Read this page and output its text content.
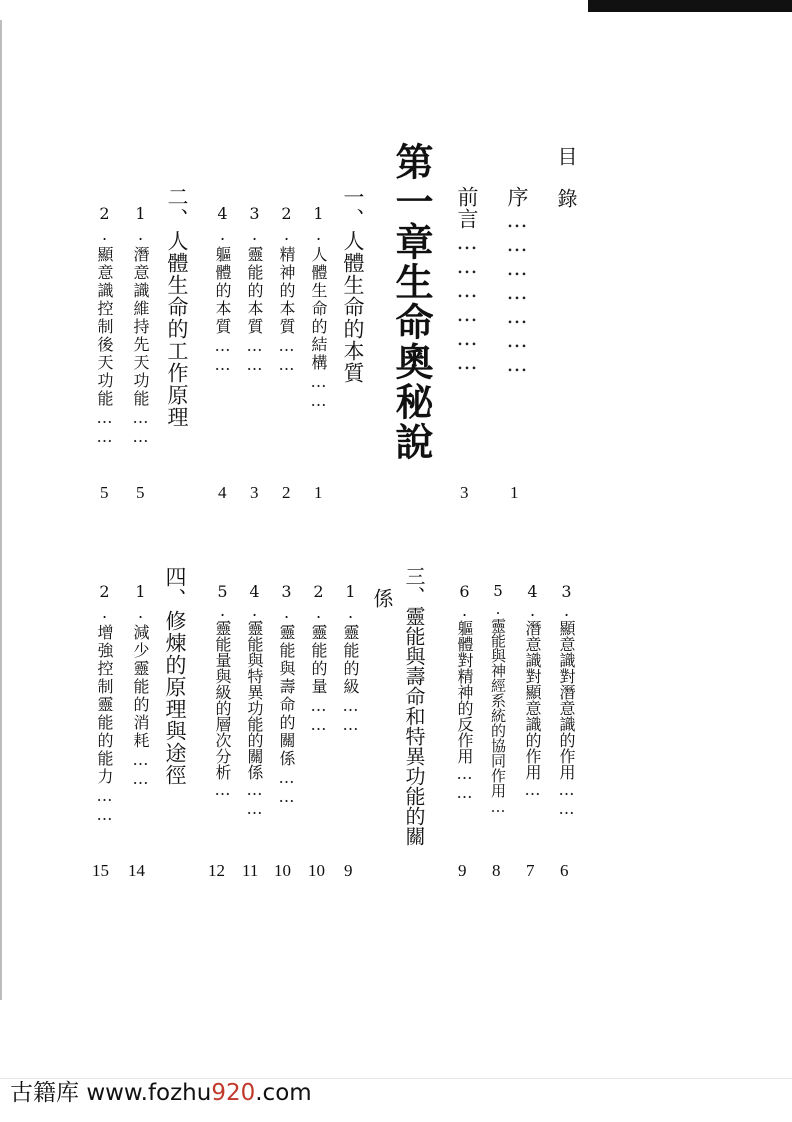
目錄
序…………………
1
前言………………
3
第一章生命奧秘說
一、人體生命的本質
1.人體生命的結構……
1
2.精神的本質……
2
3.靈能的本質……
3
4.軀體的本質……
4
二、人體生命的工作原理
1.潛意識維持先天功能……
5
2.顯意識控制後天功能……
5
3.顯意識對潛意識的作用……
6
4.潛意識對顯意識的作用…
7
5.靈能與神經系統的協同作用…
8
6.軀體對精神的反作用……
9
三、靈能與壽命和特異功能的關
係
1.靈能的級……
9
2.靈能的量……
10
3.靈能與壽命的關係……
10
4.靈能與特異功能的關係……
11
5.靈能量與級的層次分析…
12
四、修煉的原理與途徑
1.減少靈能的消耗……
14
2.增強控制靈能的能力……
15
古籍库 www.fozhu920.com
